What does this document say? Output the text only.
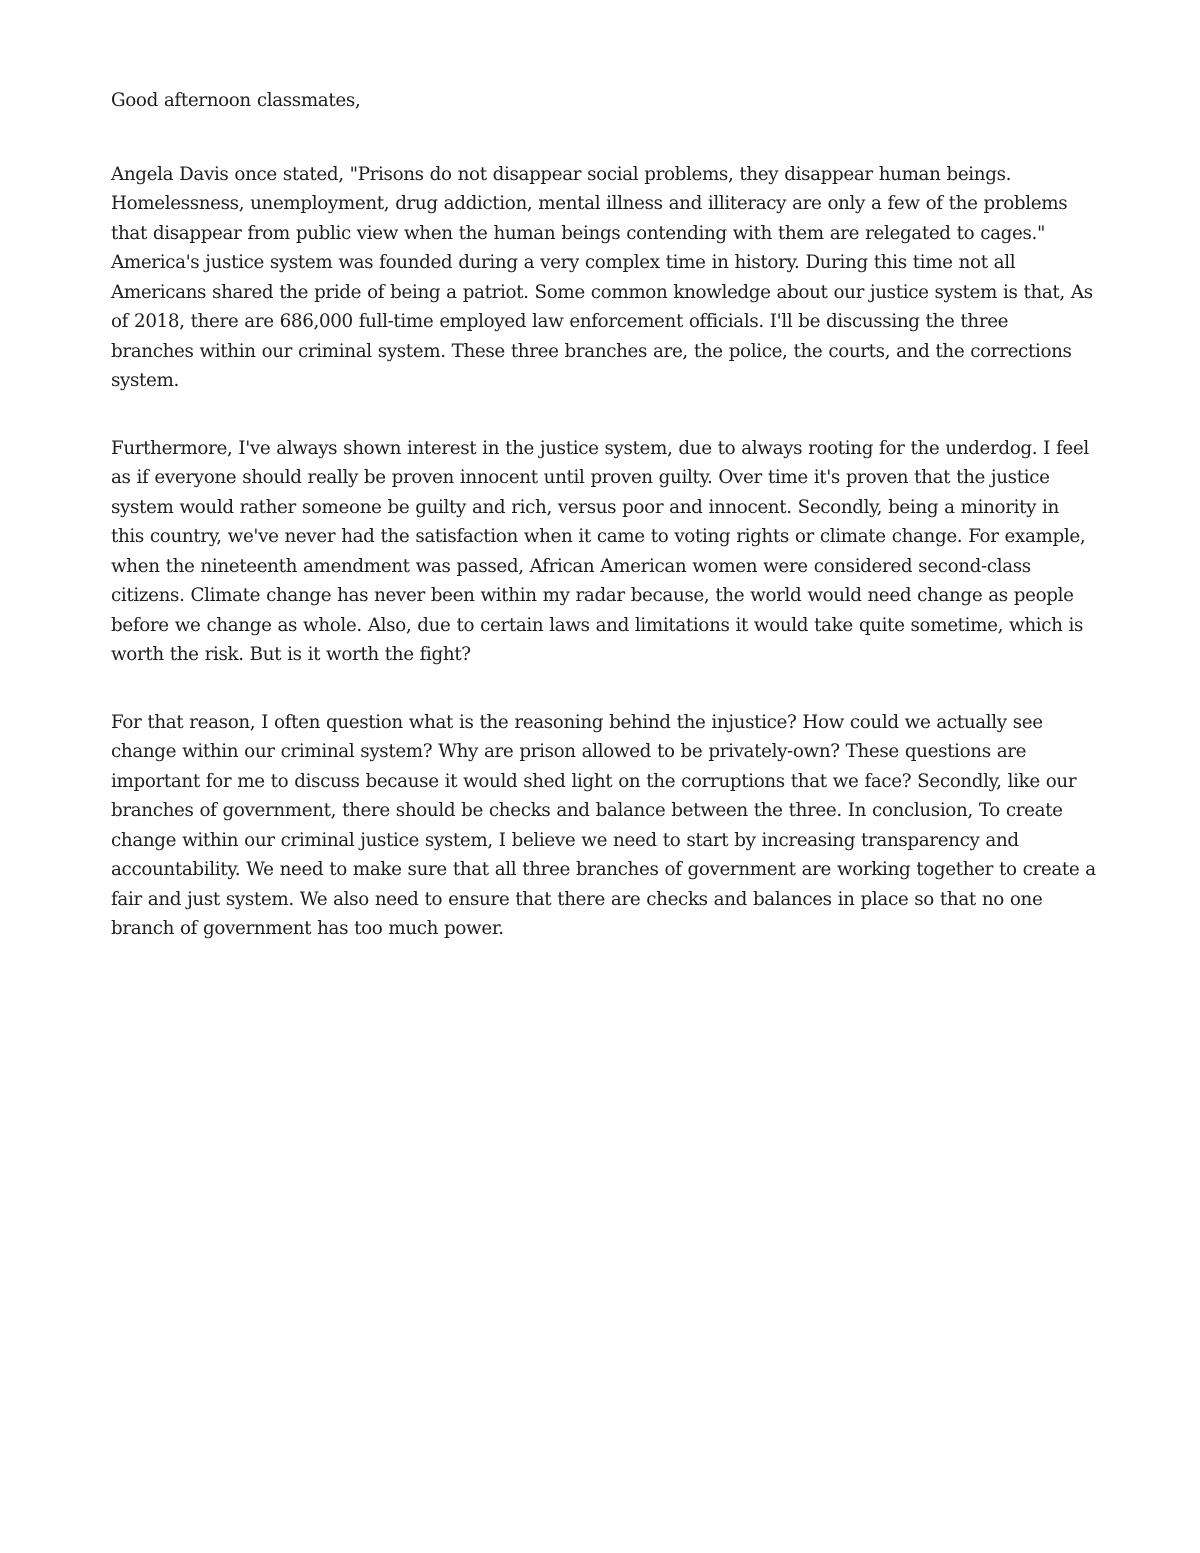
Good afternoon classmates,

Angela Davis once stated, "Prisons do not disappear social problems, they disappear human beings. Homelessness, unemployment, drug addiction, mental illness and illiteracy are only a few of the problems that disappear from public view when the human beings contending with them are relegated to cages." America's justice system was founded during a very complex time in history. During this time not all Americans shared the pride of being a patriot. Some common knowledge about our justice system is that, As of 2018, there are 686,000 full-time employed law enforcement officials. I'll be discussing the three branches within our criminal system. These three branches are, the police, the courts, and the corrections system.

Furthermore, I've always shown interest in the justice system, due to always rooting for the underdog. I feel as if everyone should really be proven innocent until proven guilty. Over time it's proven that the justice system would rather someone be guilty and rich, versus poor and innocent. Secondly, being a minority in this country, we've never had the satisfaction when it came to voting rights or climate change. For example, when the nineteenth amendment was passed, African American women were considered second-class citizens. Climate change has never been within my radar because, the world would need change as people before we change as whole. Also, due to certain laws and limitations it would take quite sometime, which is worth the risk. But is it worth the fight?

For that reason, I often question what is the reasoning behind the injustice? How could we actually see change within our criminal system? Why are prison allowed to be privately-own? These questions are important for me to discuss because it would shed light on the corruptions that we face? Secondly, like our branches of government, there should be checks and balance between the three. In conclusion, To create change within our criminal justice system, I believe we need to start by increasing transparency and accountability. We need to make sure that all three branches of government are working together to create a fair and just system. We also need to ensure that there are checks and balances in place so that no one branch of government has too much power.
